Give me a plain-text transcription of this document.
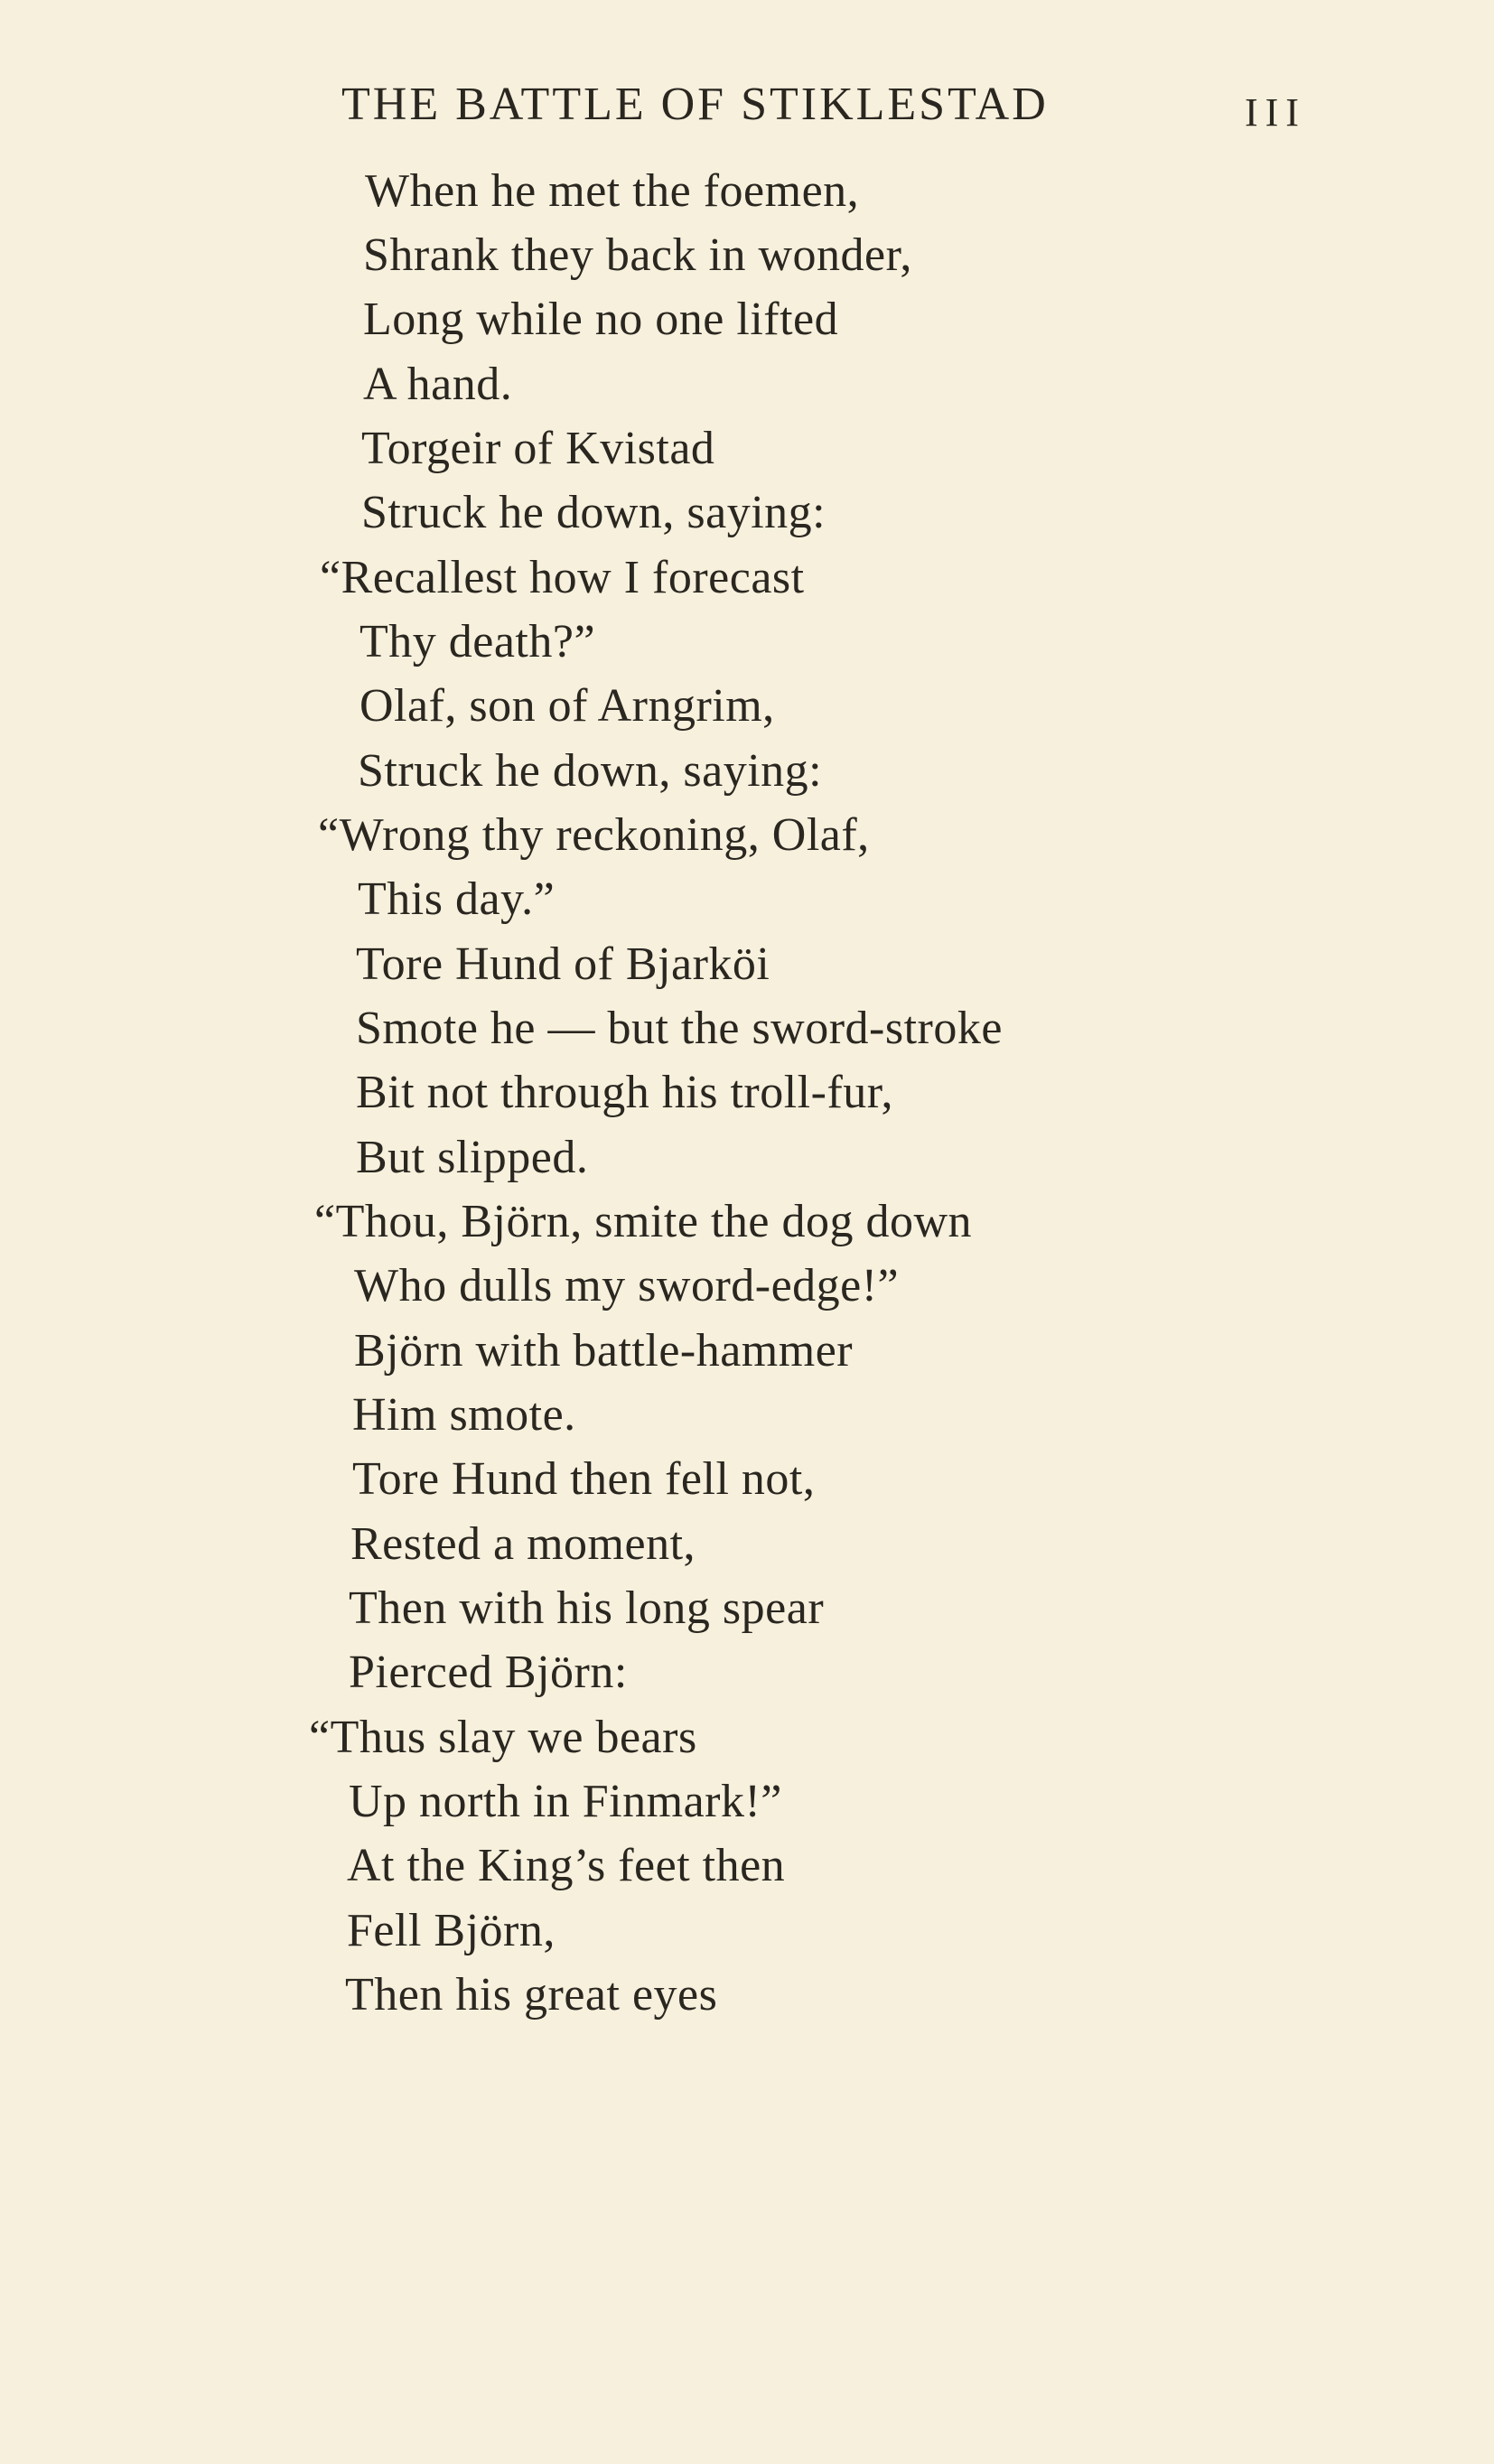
THE BATTLE OF STIKLESTAD	III
When he met the foemen,
Shrank they back in wonder,
Long while no one lifted
A hand.
Torgeir of Kvistad
Struck he down, saying:
“Recallest how I forecast
Thy death?”
Olaf, son of Arngrim,
Struck he down, saying:
“Wrong thy reckoning, Olaf,
This day.”
Tore Hund of Bjarköi
Smote he — but the sword-stroke
Bit not through his troll-fur,
But slipped.
“Thou, Björn, smite the dog down
Who dulls my sword-edge!”
Björn with battle-hammer
Him smote.
Tore Hund then fell not,
Rested a moment,
Then with his long spear
Pierced Björn:
“Thus slay we bears
Up north in Finmark!”
At the King’s feet then
Fell Björn,
Then his great eyes
